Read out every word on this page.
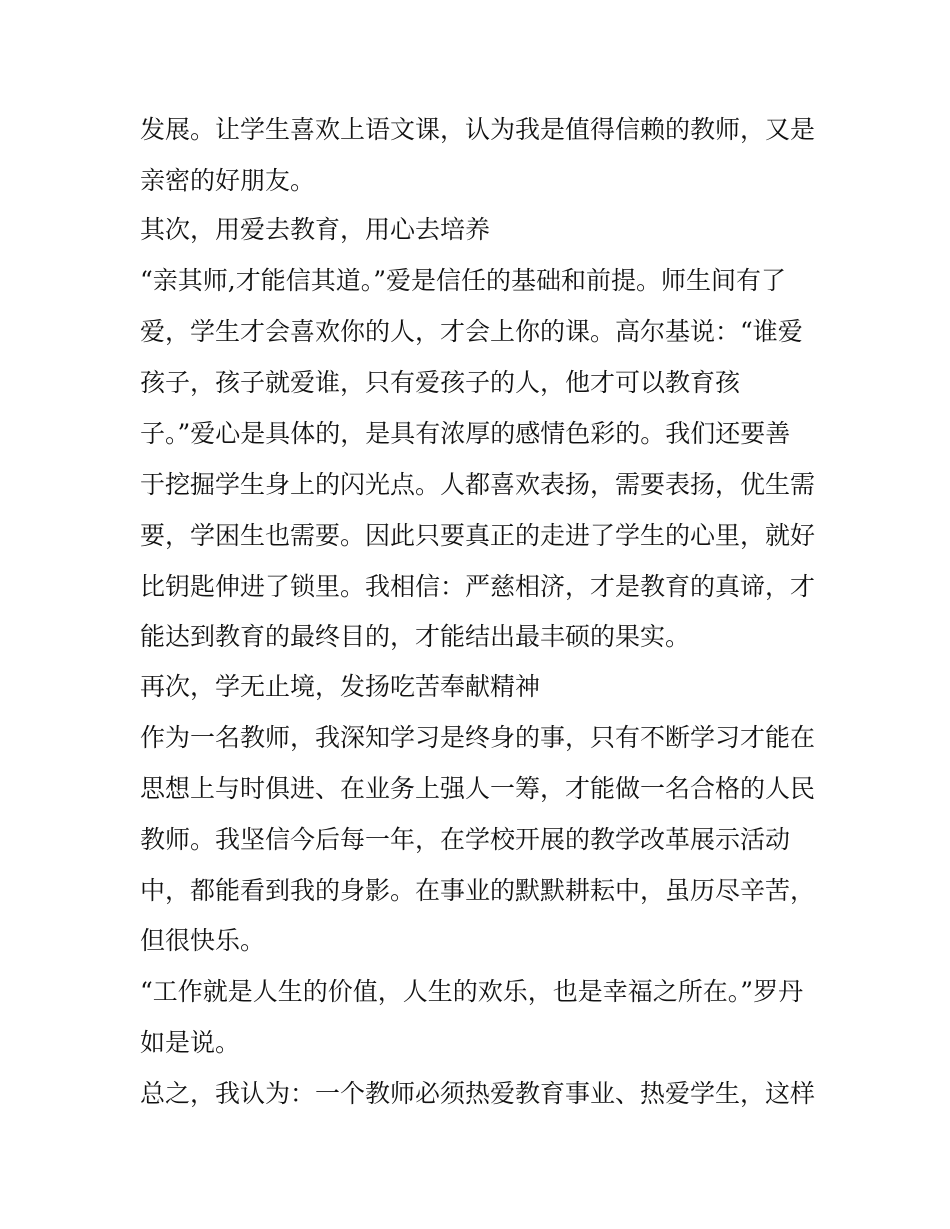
发展。让学生喜欢上语文课，认为我是值得信赖的教师，又是
亲密的好朋友。
其次，用爱去教育，用心去培养
“亲其师,才能信其道。”爱是信任的基础和前提。师生间有了
爱，学生才会喜欢你的人，才会上你的课。高尔基说：“谁爱
孩子，孩子就爱谁，只有爱孩子的人，他才可以教育孩
子。”爱心是具体的，是具有浓厚的感情色彩的。我们还要善
于挖掘学生身上的闪光点。人都喜欢表扬，需要表扬，优生需
要，学困生也需要。因此只要真正的走进了学生的心里，就好
比钥匙伸进了锁里。我相信：严慈相济，才是教育的真谛，才
能达到教育的最终目的，才能结出最丰硕的果实。
再次，学无止境，发扬吃苦奉献精神
作为一名教师，我深知学习是终身的事，只有不断学习才能在
思想上与时俱进、在业务上强人一筹，才能做一名合格的人民
教师。我坚信今后每一年，在学校开展的教学改革展示活动
中，都能看到我的身影。在事业的默默耕耘中，虽历尽辛苦，
但很快乐。
“工作就是人生的价值，人生的欢乐，也是幸福之所在。”罗丹
如是说。
总之，我认为：一个教师必须热爱教育事业、热爱学生，这样
